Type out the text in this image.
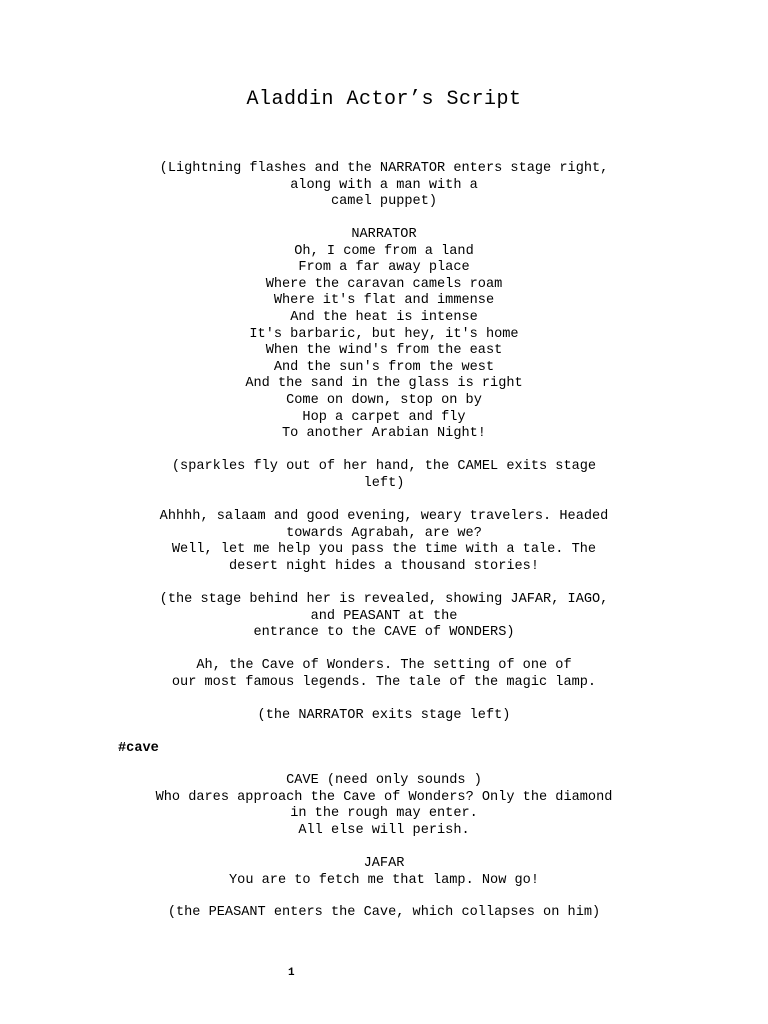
Aladdin Actor’s Script
(Lightning flashes and the NARRATOR enters stage right,
along with a man with a
camel puppet)
NARRATOR
Oh, I come from a land
From a far away place
Where the caravan camels roam
Where it's flat and immense
And the heat is intense
It's barbaric, but hey, it's home
When the wind's from the east
And the sun's from the west
And the sand in the glass is right
Come on down, stop on by
Hop a carpet and fly
To another Arabian Night!
(sparkles fly out of her hand, the CAMEL exits stage
left)
Ahhhh, salaam and good evening, weary travelers. Headed
towards Agrabah, are we?
Well, let me help you pass the time with a tale. The
desert night hides a thousand stories!
(the stage behind her is revealed, showing JAFAR, IAGO,
and PEASANT at the
entrance to the CAVE of WONDERS)
Ah, the Cave of Wonders. The setting of one of
our most famous legends. The tale of the magic lamp.
(the NARRATOR exits stage left)
#cave
CAVE (need only sounds )
Who dares approach the Cave of Wonders? Only the diamond
in the rough may enter.
All else will perish.
JAFAR
You are to fetch me that lamp. Now go!
(the PEASANT enters the Cave, which collapses on him)
1
